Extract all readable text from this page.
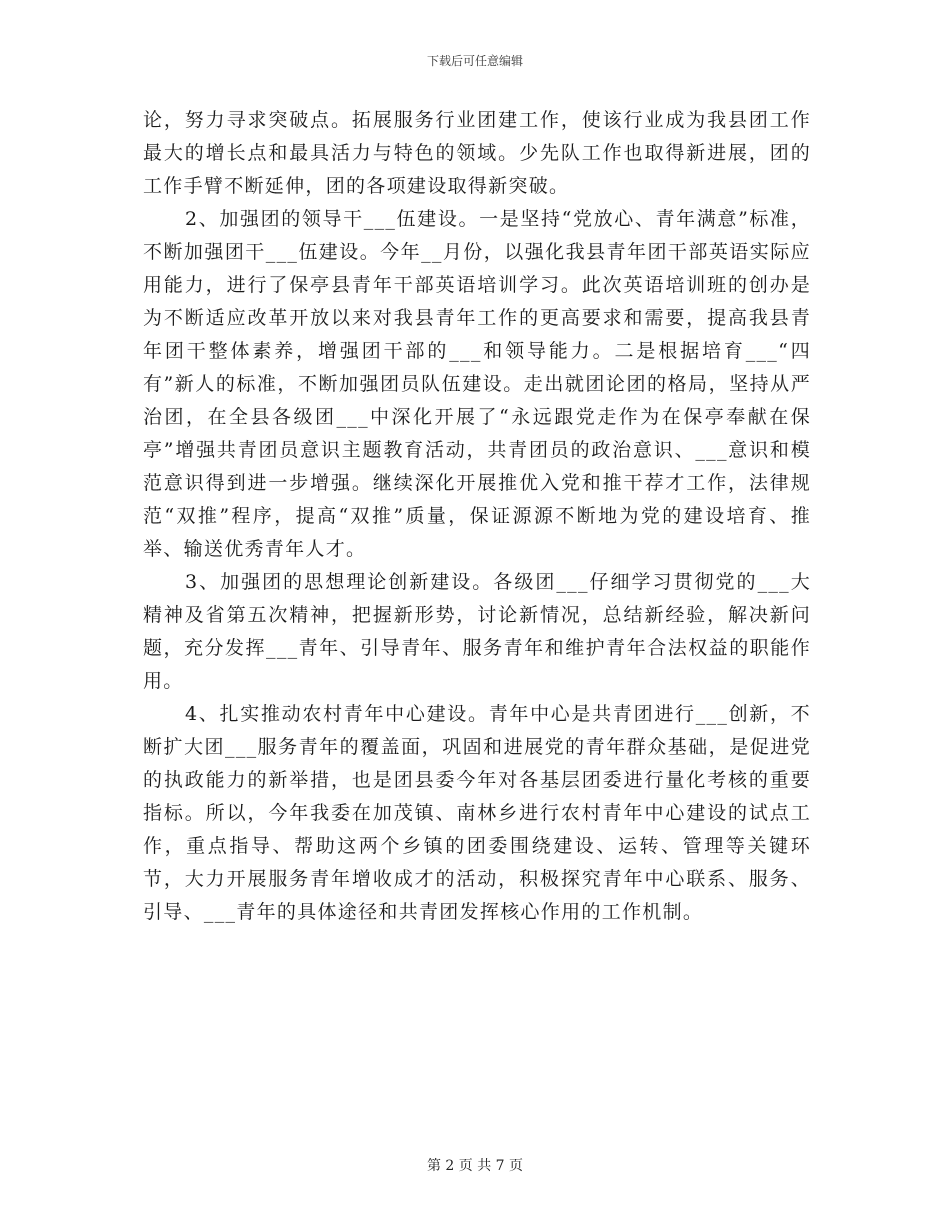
下载后可任意编辑

论，努力寻求突破点。拓展服务行业团建工作，使该行业成为我县团工作最大的增长点和最具活力与特色的领域。少先队工作也取得新进展，团的工作手臂不断延伸，团的各项建设取得新突破。

2、加强团的领导干___伍建设。一是坚持“党放心、青年满意”标准，不断加强团干___伍建设。今年__月份，以强化我县青年团干部英语实际应用能力，进行了保亭县青年干部英语培训学习。此次英语培训班的创办是为不断适应改革开放以来对我县青年工作的更高要求和需要，提高我县青年团干整体素养，增强团干部的___和领导能力。二是根据培育___“四有”新人的标准，不断加强团员队伍建设。走出就团论团的格局，坚持从严治团，在全县各级团___中深化开展了“永远跟党走作为在保亭奉献在保亭”增强共青团员意识主题教育活动，共青团员的政治意识、___意识和模范意识得到进一步增强。继续深化开展推优入党和推干荐才工作，法律规范“双推”程序，提高“双推”质量，保证源源不断地为党的建设培育、推举、输送优秀青年人才。

3、加强团的思想理论创新建设。各级团___仔细学习贯彻党的___大精神及省第五次精神，把握新形势，讨论新情况，总结新经验，解决新问题，充分发挥___青年、引导青年、服务青年和维护青年合法权益的职能作用。

4、扎实推动农村青年中心建设。青年中心是共青团进行___创新，不断扩大团___服务青年的覆盖面，巩固和进展党的青年群众基础，是促进党的执政能力的新举措，也是团县委今年对各基层团委进行量化考核的重要指标。所以，今年我委在加茂镇、南林乡进行农村青年中心建设的试点工作，重点指导、帮助这两个乡镇的团委围绕建设、运转、管理等关键环节，大力开展服务青年增收成才的活动，积极探究青年中心联系、服务、引导、___青年的具体途径和共青团发挥核心作用的工作机制。

第 2 页 共 7 页
